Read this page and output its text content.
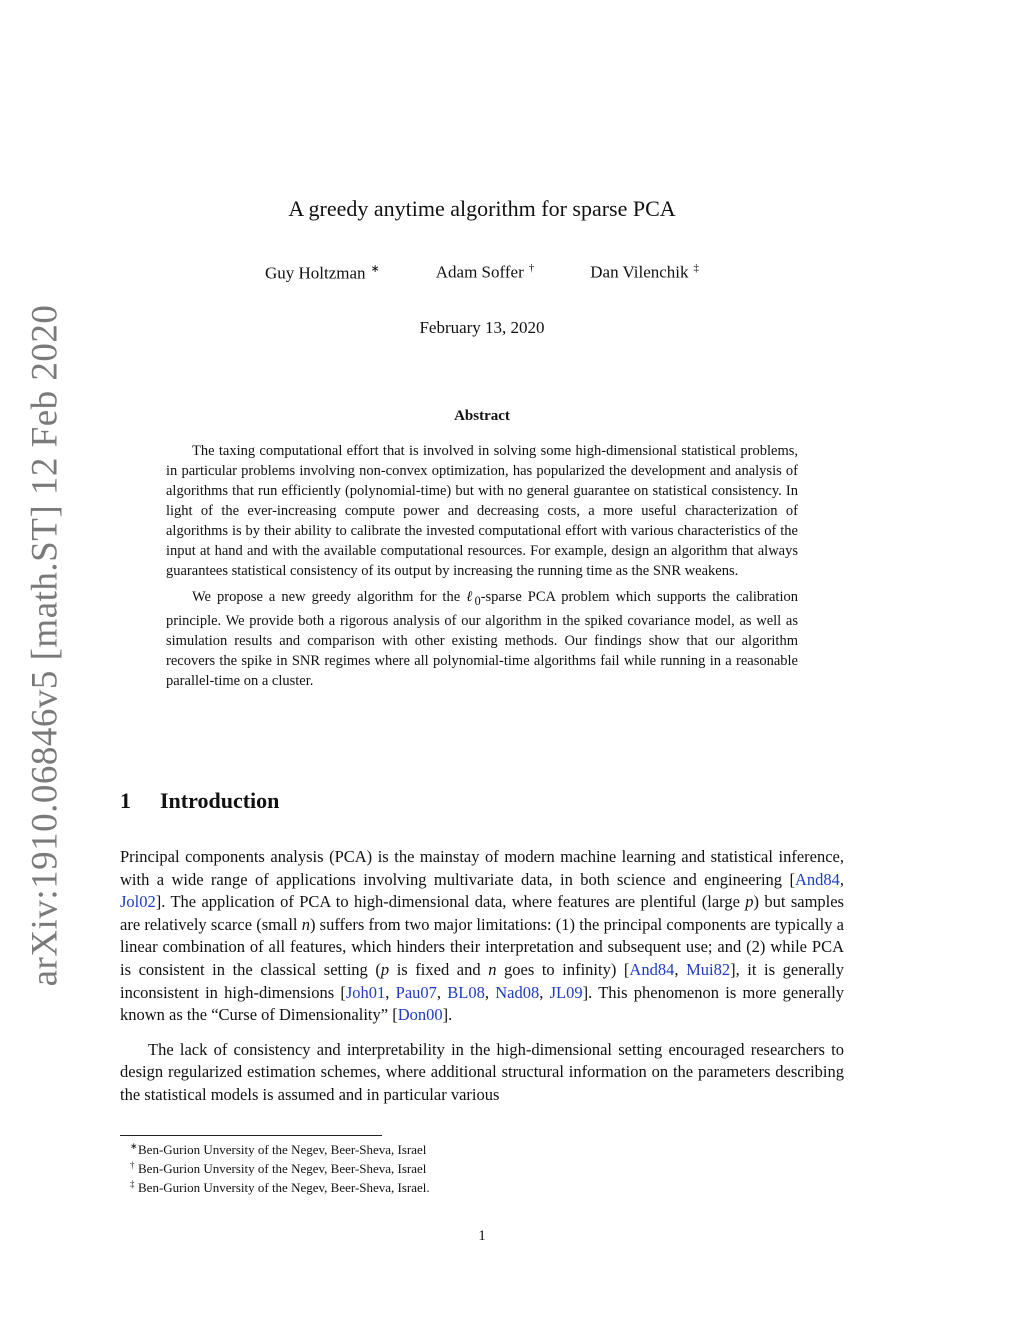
arXiv:1910.06846v5 [math.ST] 12 Feb 2020
A greedy anytime algorithm for sparse PCA
Guy Holtzman ∗	Adam Soffer †	Dan Vilenchik ‡
February 13, 2020
Abstract

The taxing computational effort that is involved in solving some high-dimensional statistical problems, in particular problems involving non-convex optimization, has popularized the development and analysis of algorithms that run efficiently (polynomial-time) but with no general guarantee on statistical consistency. In light of the ever-increasing compute power and decreasing costs, a more useful characterization of algorithms is by their ability to calibrate the invested computational effort with various characteristics of the input at hand and with the available computational resources. For example, design an algorithm that always guarantees statistical consistency of its output by increasing the running time as the SNR weakens.

We propose a new greedy algorithm for the ℓ$_0$-sparse PCA problem which supports the calibration principle. We provide both a rigorous analysis of our algorithm in the spiked covariance model, as well as simulation results and comparison with other existing methods. Our findings show that our algorithm recovers the spike in SNR regimes where all polynomial-time algorithms fail while running in a reasonable parallel-time on a cluster.

1 Introduction

Principal components analysis (PCA) is the mainstay of modern machine learning and statistical inference, with a wide range of applications involving multivariate data, in both science and engineering [And84, Jol02]. The application of PCA to high-dimensional data, where features are plentiful (large p) but samples are relatively scarce (small n) suffers from two major limitations: (1) the principal components are typically a linear combination of all features, which hinders their interpretation and subsequent use; and (2) while PCA is consistent in the classical setting (p is fixed and n goes to infinity) [And84, Mui82], it is generally inconsistent in high-dimensions [Joh01, Pau07, BL08, Nad08, JL09]. This phenomenon is more generally known as the “Curse of Dimensionality” [Don00].

The lack of consistency and interpretability in the high-dimensional setting encouraged researchers to design regularized estimation schemes, where additional structural information on the parameters describing the statistical models is assumed and in particular various

∗ Ben-Gurion Unversity of the Negev, Beer-Sheva, Israel
† Ben-Gurion Unversity of the Negev, Beer-Sheva, Israel
‡ Ben-Gurion Unversity of the Negev, Beer-Sheva, Israel.
1
